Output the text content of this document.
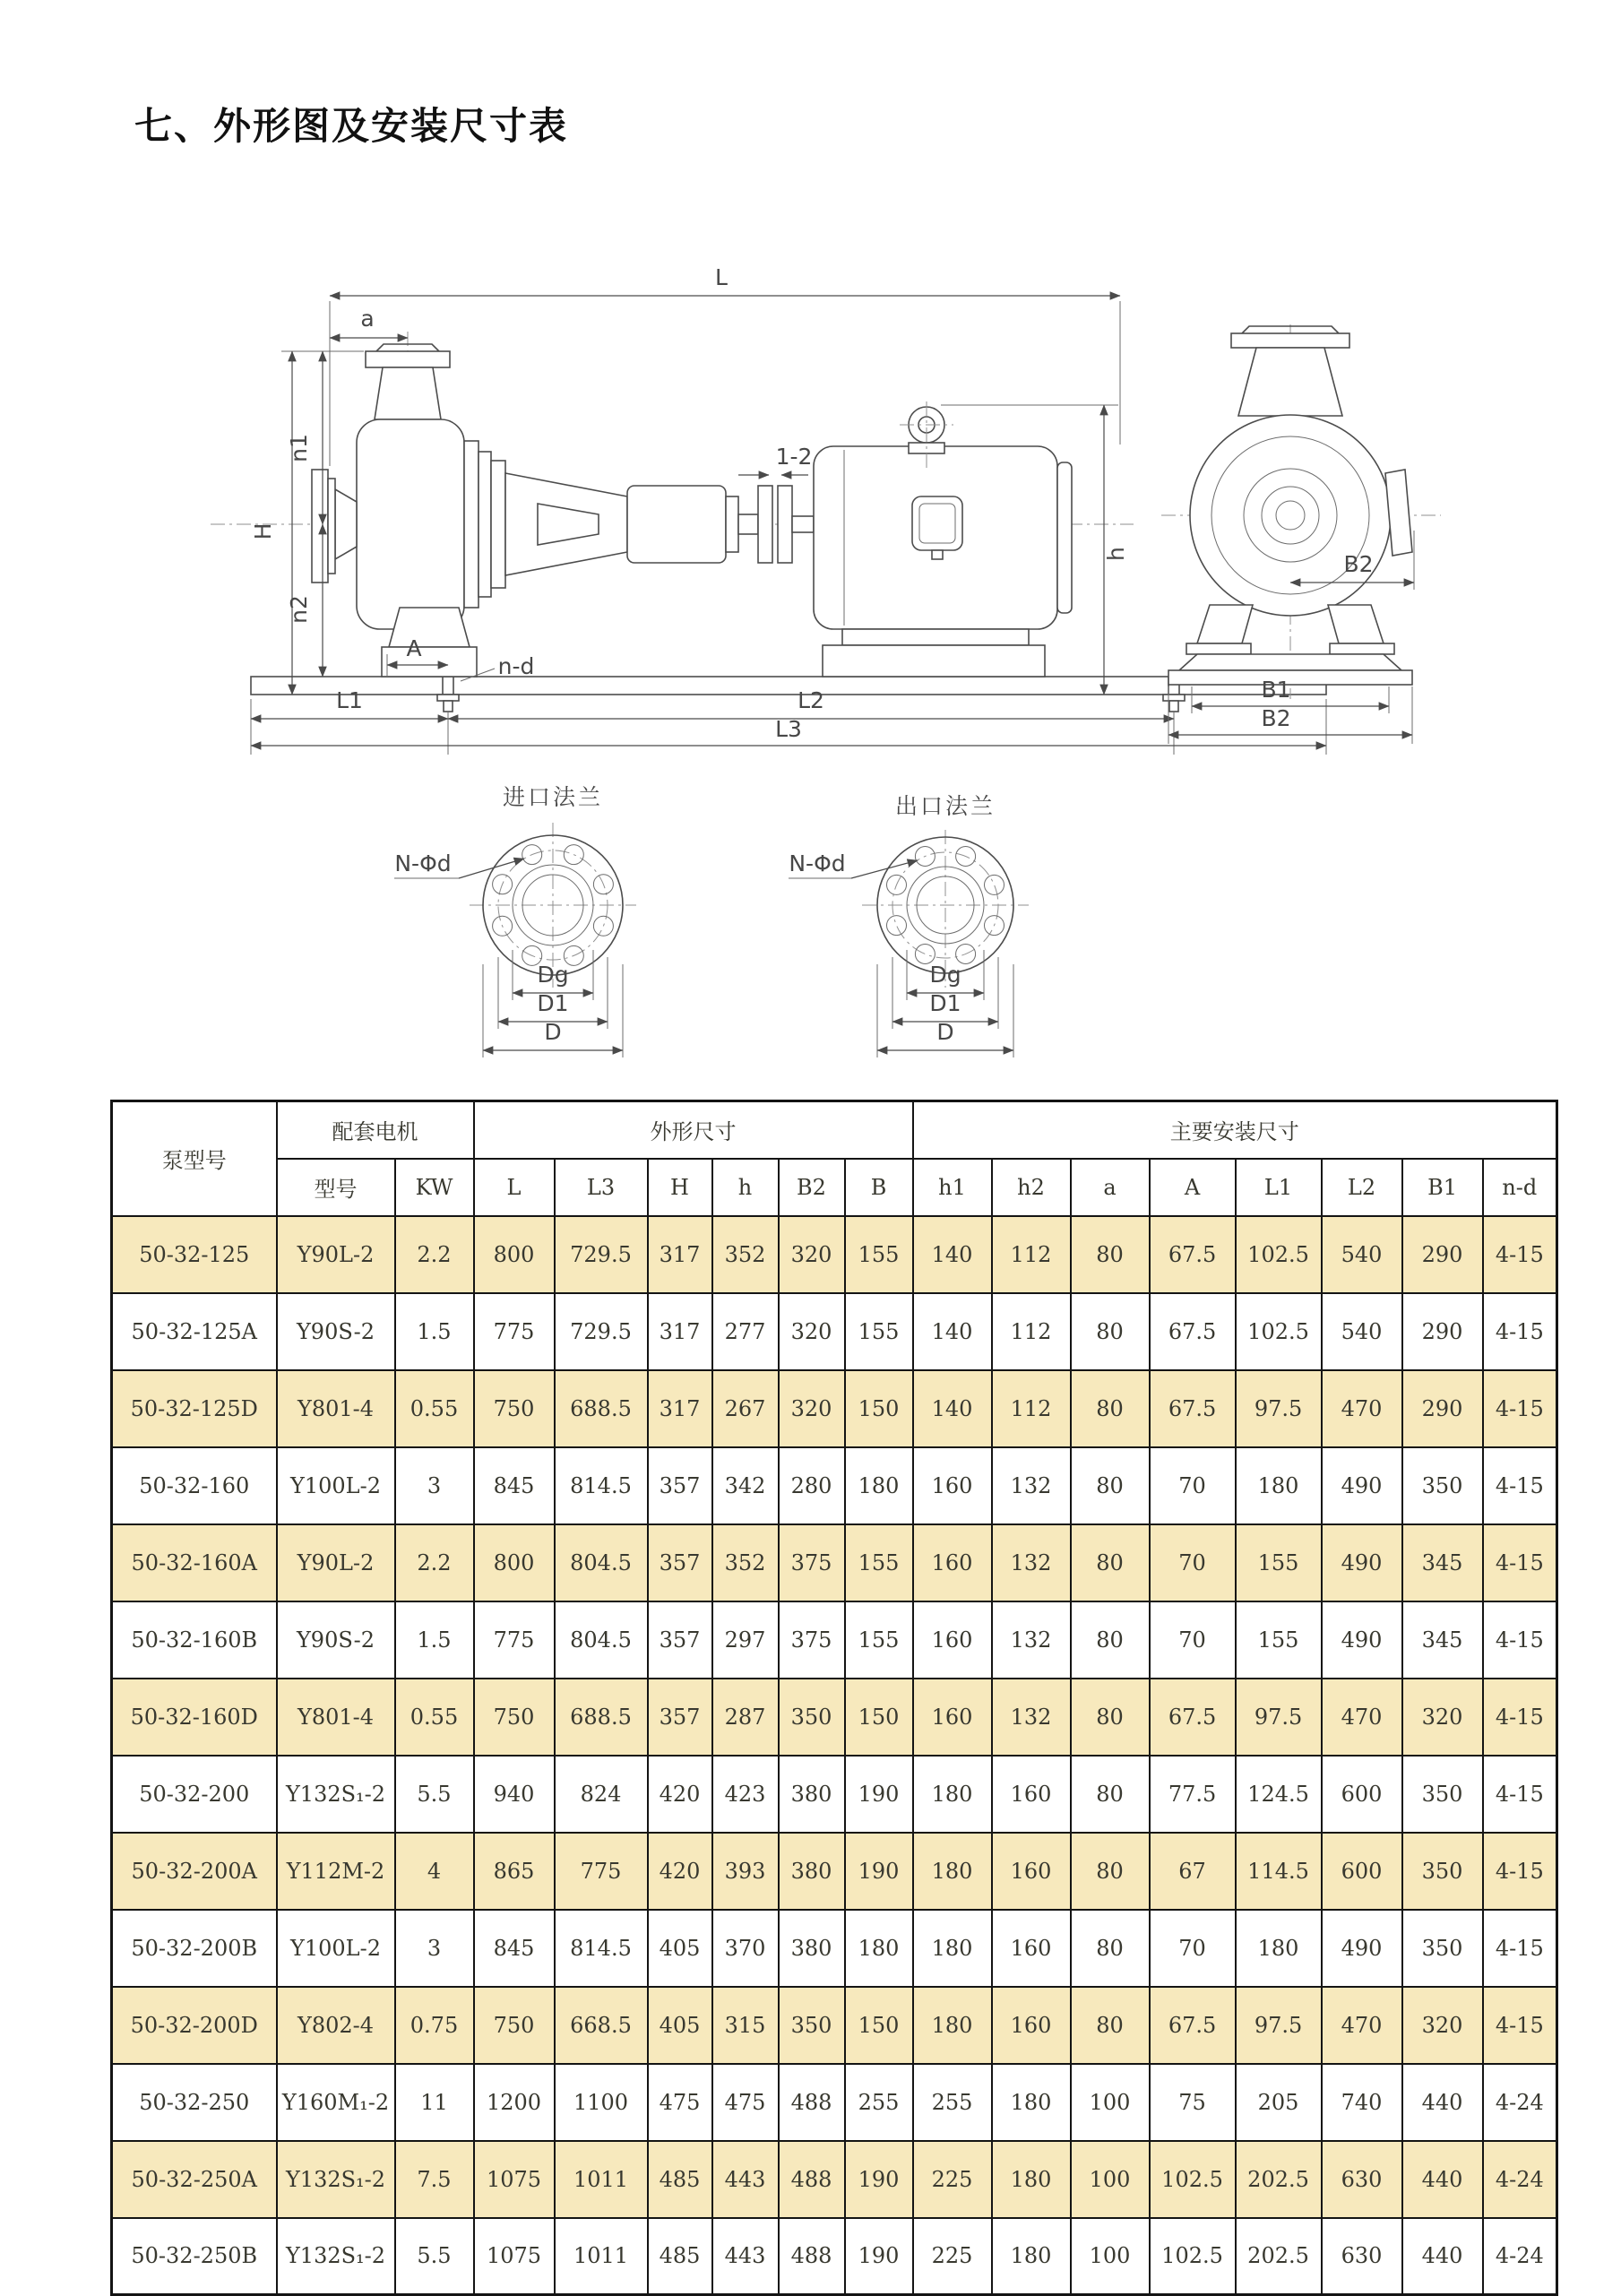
七、外形图及安装尺寸表
1-2
L
a
H
n1
n2
h
A
n-d
L1	L2
L3
B2
B1
B2
进口法兰
N-Φd
Dg
D1
D
出口法兰
N-Φd
Dg
D1
D
泵型号	配套电机		外形尺寸						主要安装尺寸							
	型号	KW	L	L3	H	h	B2	B	h1	h2	a	A	L1	L2	B1	n-d
50-32-125	Y90L-2	2.2	800	729.5	317	352	320	155	140	112	80	67.5	102.5	540	290	4-15
50-32-125A	Y90S-2	1.5	775	729.5	317	277	320	155	140	112	80	67.5	102.5	540	290	4-15
50-32-125D	Y801-4	0.55	750	688.5	317	267	320	150	140	112	80	67.5	97.5	470	290	4-15
50-32-160	Y100L-2	3	845	814.5	357	342	280	180	160	132	80	70	180	490	350	4-15
50-32-160A	Y90L-2	2.2	800	804.5	357	352	375	155	160	132	80	70	155	490	345	4-15
50-32-160B	Y90S-2	1.5	775	804.5	357	297	375	155	160	132	80	70	155	490	345	4-15
50-32-160D	Y801-4	0.55	750	688.5	357	287	350	150	160	132	80	67.5	97.5	470	320	4-15
50-32-200	Y132S₁-2	5.5	940	824	420	423	380	190	180	160	80	77.5	124.5	600	350	4-15
50-32-200A	Y112M-2	4	865	775	420	393	380	190	180	160	80	67	114.5	600	350	4-15
50-32-200B	Y100L-2	3	845	814.5	405	370	380	180	180	160	80	70	180	490	350	4-15
50-32-200D	Y802-4	0.75	750	668.5	405	315	350	150	180	160	80	67.5	97.5	470	320	4-15
50-32-250	Y160M₁-2	11	1200	1100	475	475	488	255	255	180	100	75	205	740	440	4-24
50-32-250A	Y132S₁-2	7.5	1075	1011	485	443	488	190	225	180	100	102.5	202.5	630	440	4-24
50-32-250B	Y132S₁-2	5.5	1075	1011	485	443	488	190	225	180	100	102.5	202.5	630	440	4-24
